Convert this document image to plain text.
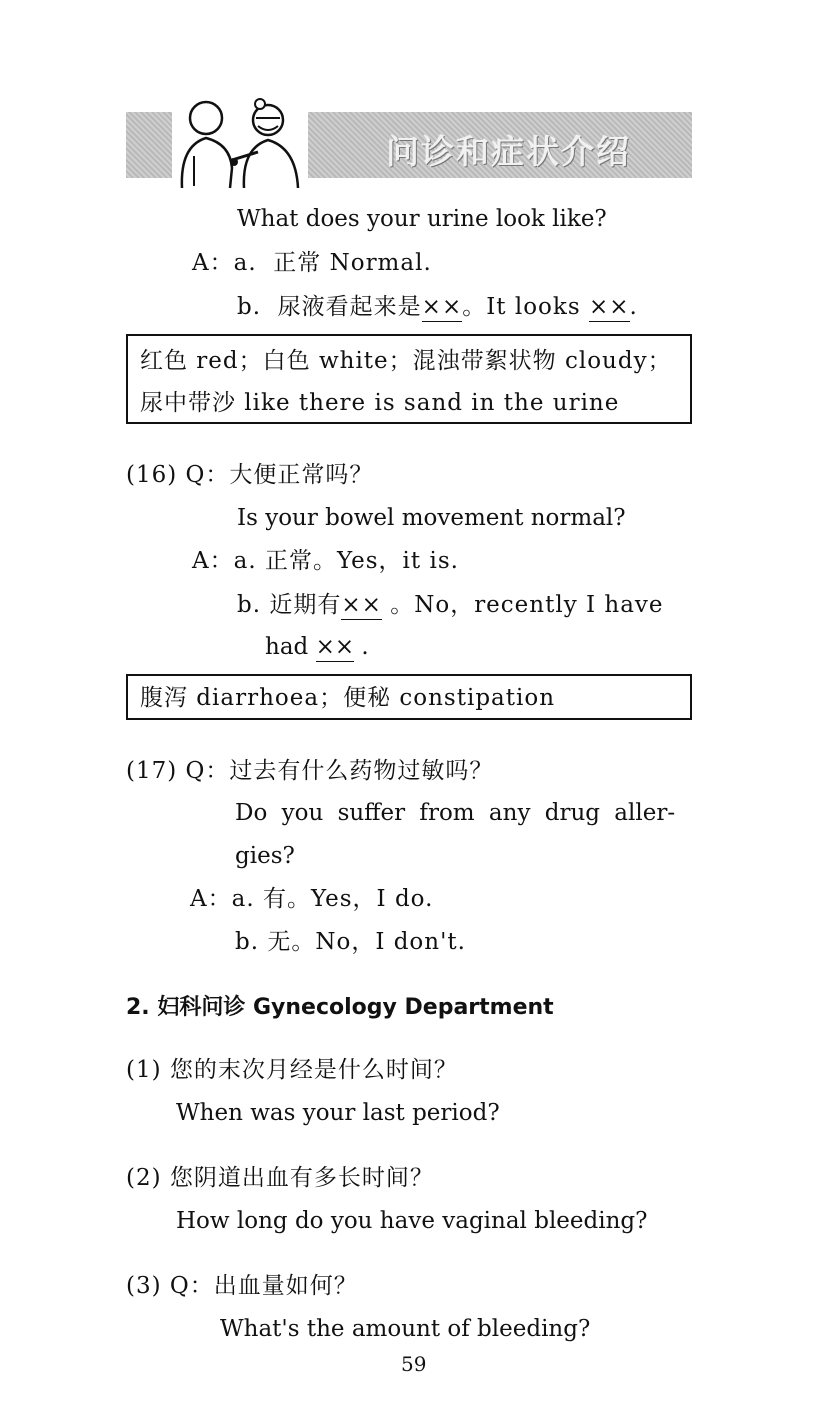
问诊和症状介绍
What does your urine look like?
A：a. 正常 Normal.
b. 尿液看起来是××。It looks ××.
红色 red；白色 white；混浊带絮状物 cloudy；
尿中带沙 like there is sand in the urine
(16) Q：大便正常吗？
Is your bowel movement normal?
A：a. 正常。Yes，it is.
b. 近期有×× 。No，recently I have
had ×× .
腹泻 diarrhoea；便秘 constipation
(17) Q：过去有什么药物过敏吗？
Do you suffer from any drug aller-
gies?
A：a. 有。Yes，I do.
b. 无。No，I don't.
2. 妇科问诊 Gynecology Department
(1) 您的末次月经是什么时间？
When was your last period?
(2) 您阴道出血有多长时间？
How long do you have vaginal bleeding?
(3) Q：出血量如何？
What's the amount of bleeding?
59
